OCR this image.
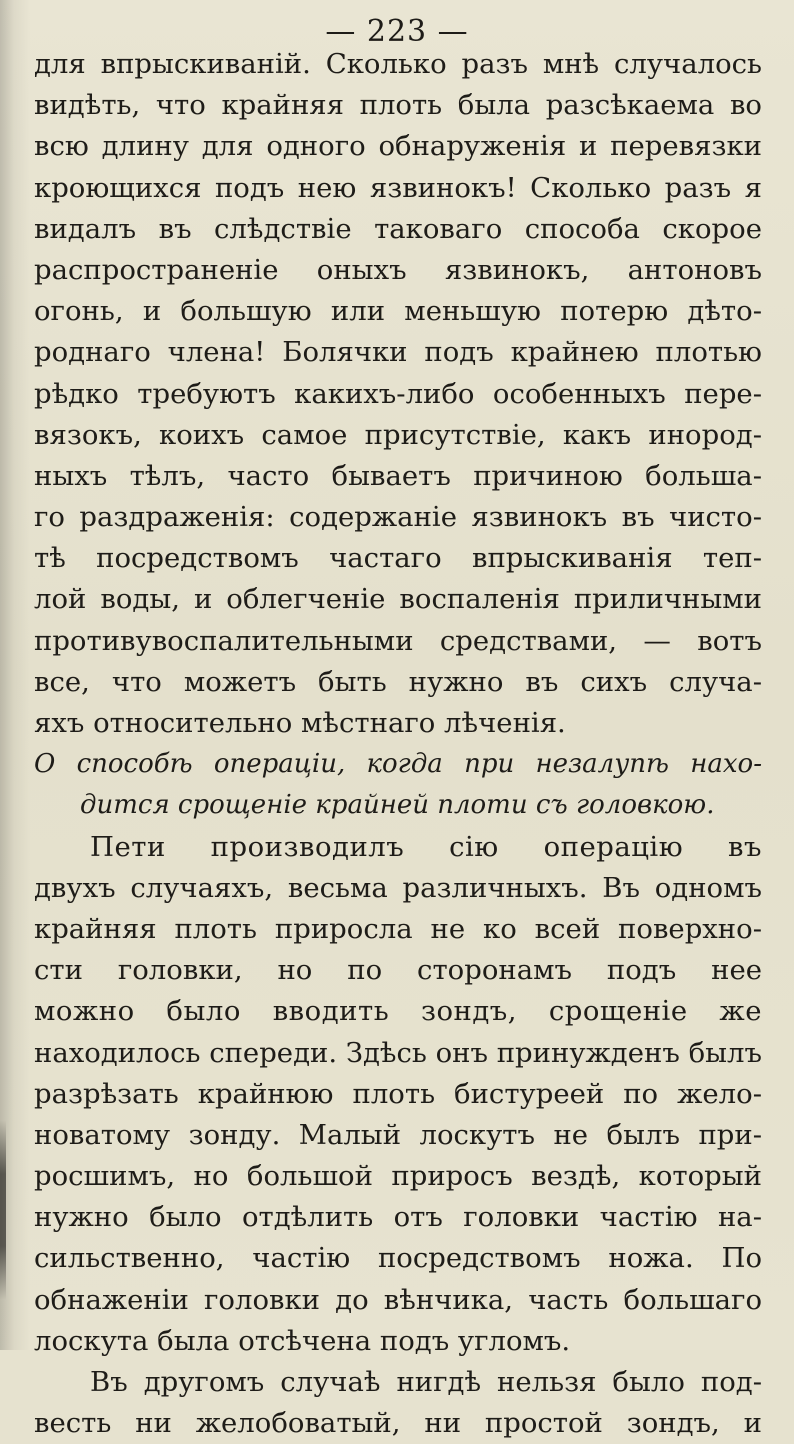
— 223 —
для впрыскиваній. Сколько разъ мнѣ случалось
видѣть, что крайняя плоть была разсѣкаема во
всю длину для одного обнаруженія и перевязки
кроющихся подъ нею язвинокъ! Сколько разъ я
видалъ въ слѣдствіе таковаго способа скорое
распространеніе оныхъ язвинокъ, антоновъ
огонь, и большую или меньшую потерю дѣто-
роднаго члена! Болячки подъ крайнею плотью
рѣдко требуютъ какихъ-либо особенныхъ пере-
вязокъ, коихъ самое присутствіе, какъ инород-
ныхъ тѣлъ, часто бываетъ причиною большa-
го раздраженія: содержаніе язвинокъ въ чисто-
тѣ посредствомъ частаго впрыскиванія теп-
лой воды, и облегченіе воспаленія приличными
противувоспалительными средствами, — вотъ
все, что можетъ быть нужно въ сихъ случа-
яхъ относительно мѣстнаго лѣченія.
О способѣ операціи, когда при незалупѣ нахо-
дится срощеніе крайней плоти съ головкою.
Пети производилъ сію операцію въ
двухъ случаяхъ, весьма различныхъ. Въ одномъ
крайняя плоть приросла не ко всей поверхно-
сти головки, но по сторонамъ подъ нее
можно было вводить зондъ, срощеніе же
находилось спереди. Здѣсь онъ принужденъ былъ
разрѣзать крайнюю плоть бистуреей по жело-
новатому зонду. Малый лоскутъ не былъ при-
росшимъ, но большой приросъ вездѣ, который
нужно было отдѣлить отъ головки частію на-
сильственно, частію посредствомъ ножа. По
обнаженіи головки до вѣнчика, часть большаго
лоскута была отсѣчена подъ угломъ.
Въ другомъ случаѣ нигдѣ нельзя было под-
весть ни желобоватый, ни простой зондъ, и
